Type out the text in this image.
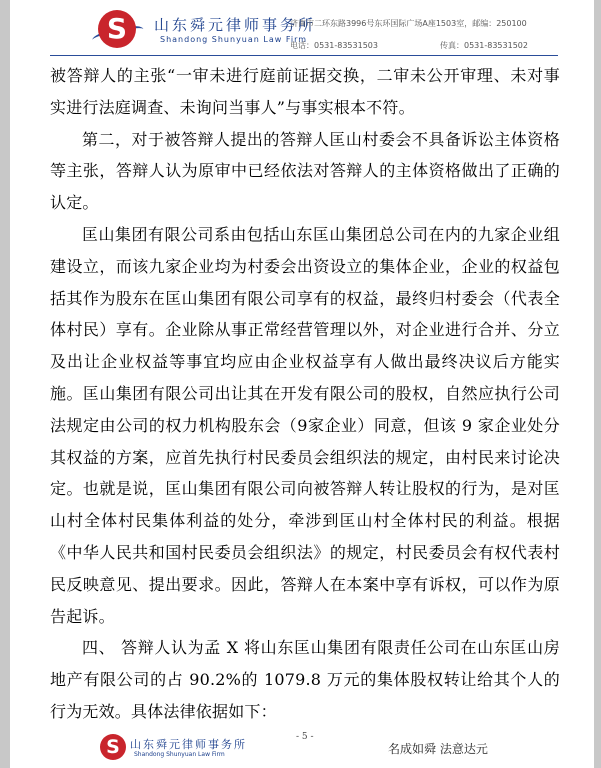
S	山东舜元律师事务所
Shandong Shunyuan Law Firm
济南市二环东路3996号东环国际广场A座1503室，邮编：250100
电话：0531-83531503	传真：0531-83531502

被答辩人的主张“一审未进行庭前证据交换，二审未公开审理、未对事实进行法庭调查、未询问当事人”与事实根本不符。

第二，对于被答辩人提出的答辩人匡山村委会不具备诉讼主体资格等主张，答辩人认为原审中已经依法对答辩人的主体资格做出了正确的认定。

匡山集团有限公司系由包括山东匡山集团总公司在内的九家企业组建设立，而该九家企业均为村委会出资设立的集体企业，企业的权益包括其作为股东在匡山集团有限公司享有的权益，最终归村委会（代表全体村民）享有。企业除从事正常经营管理以外，对企业进行合并、分立及出让企业权益等事宜均应由企业权益享有人做出最终决议后方能实施。匡山集团有限公司出让其在开发有限公司的股权，自然应执行公司法规定由公司的权力机构股东会（9家企业）同意，但该 9 家企业处分其权益的方案，应首先执行村民委员会组织法的规定，由村民来讨论决定。也就是说，匡山集团有限公司向被答辩人转让股权的行为，是对匡山村全体村民集体利益的处分，牵涉到匡山村全体村民的利益。根据《中华人民共和国村民委员会组织法》的规定，村民委员会有权代表村民反映意见、提出要求。因此，答辩人在本案中享有诉权，可以作为原告起诉。

四、 答辩人认为孟 X 将山东匡山集团有限责任公司在山东匡山房地产有限公司的占 90.2%的 1079.8 万元的集体股权转让给其个人的行为无效。具体法律依据如下：

S 山东舜元律师事务所
Shandong Shunyuan Law Firm
- 5 -
名成如舜 法意达元
